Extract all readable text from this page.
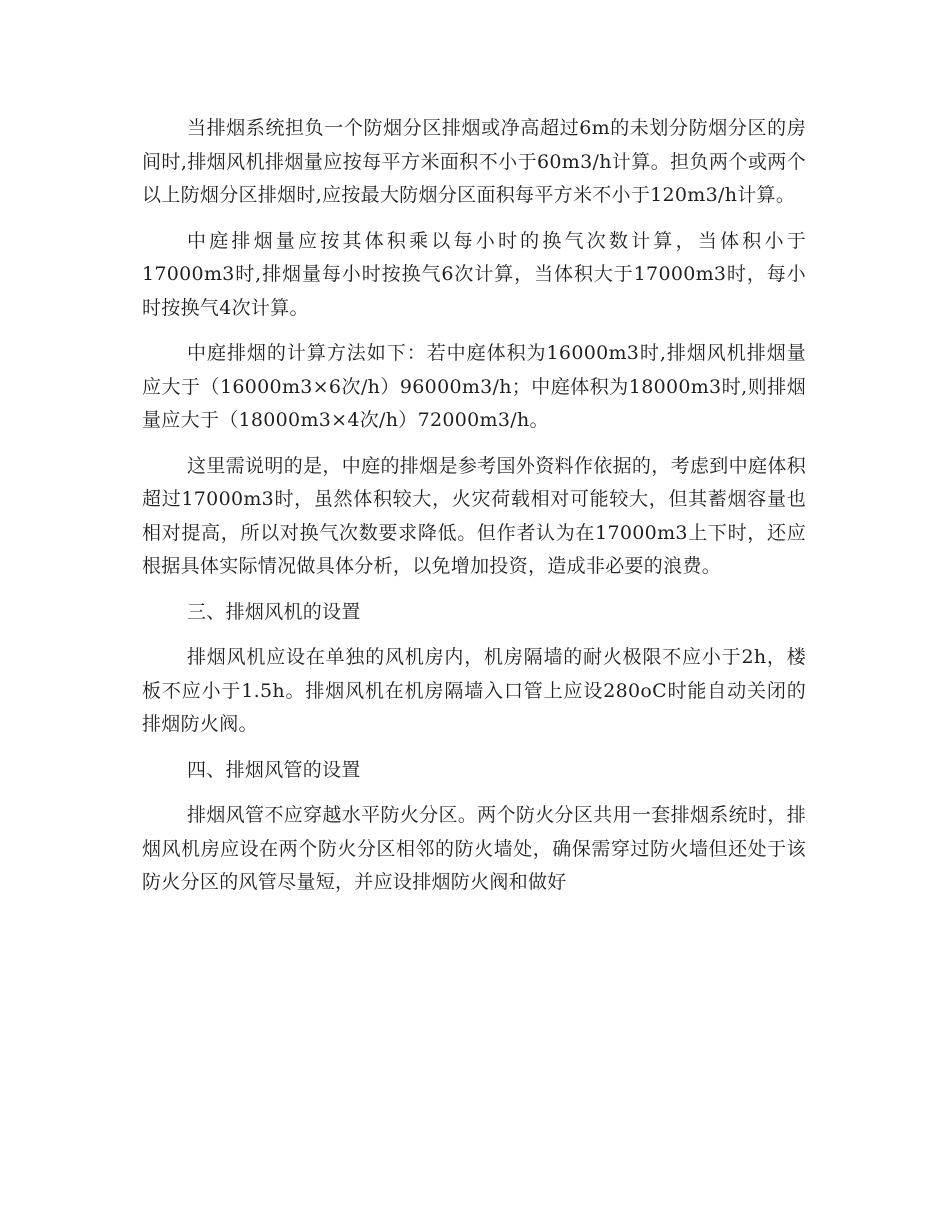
当排烟系统担负一个防烟分区排烟或净高超过6m的未划分防烟分区的房间时,排烟风机排烟量应按每平方米面积不小于60m3/h计算。担负两个或两个以上防烟分区排烟时,应按最大防烟分区面积每平方米不小于120m3/h计算。

中庭排烟量应按其体积乘以每小时的换气次数计算，当体积小于17000m3时,排烟量每小时按换气6次计算，当体积大于17000m3时，每小时按换气4次计算。

中庭排烟的计算方法如下：若中庭体积为16000m3时,排烟风机排烟量应大于（16000m3×6次/h）96000m3/h；中庭体积为18000m3时,则排烟量应大于（18000m3×4次/h）72000m3/h。

这里需说明的是，中庭的排烟是参考国外资料作依据的，考虑到中庭体积超过17000m3时，虽然体积较大，火灾荷载相对可能较大，但其蓄烟容量也相对提高，所以对换气次数要求降低。但作者认为在17000m3上下时，还应根据具体实际情况做具体分析，以免增加投资，造成非必要的浪费。

三、排烟风机的设置

排烟风机应设在单独的风机房内，机房隔墙的耐火极限不应小于2h，楼板不应小于1.5h。排烟风机在机房隔墙入口管上应设280oC时能自动关闭的排烟防火阀。

四、排烟风管的设置

排烟风管不应穿越水平防火分区。两个防火分区共用一套排烟系统时，排烟风机房应设在两个防火分区相邻的防火墙处，确保需穿过防火墙但还处于该防火分区的风管尽量短，并应设排烟防火阀和做好
